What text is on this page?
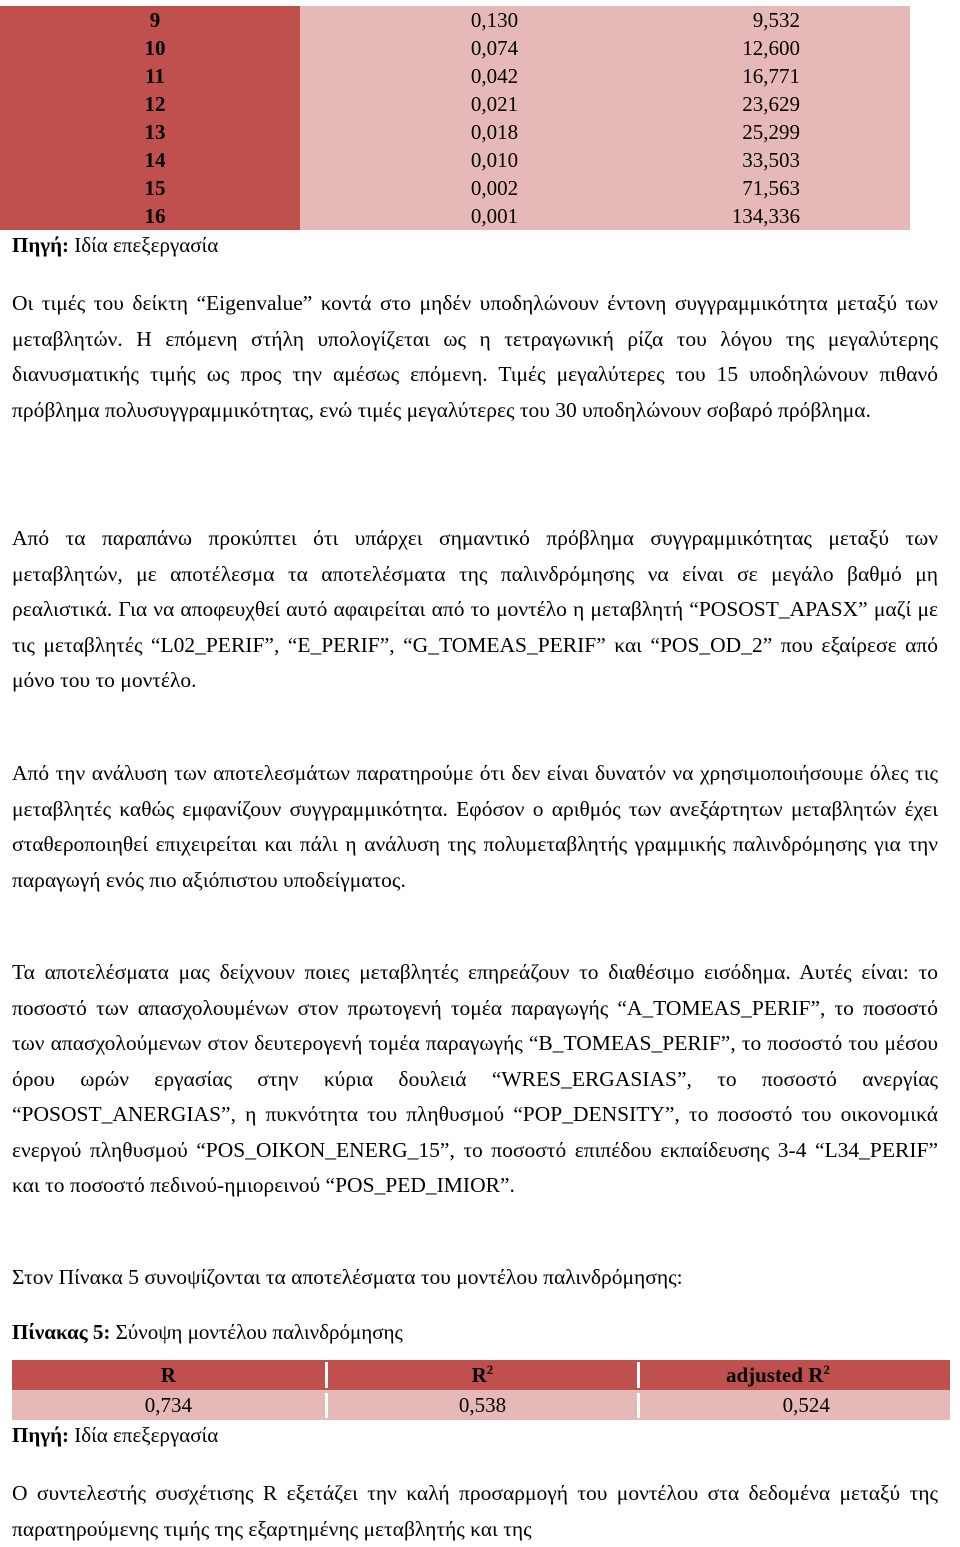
9	0,130	9,532
10	0,074	12,600
11	0,042	16,771
12	0,021	23,629
13	0,018	25,299
14	0,010	33,503
15	0,002	71,563
16	0,001	134,336
Πηγή: Ιδία επεξεργασία

Οι τιμές του δείκτη “Eigenvalue” κοντά στο μηδέν υποδηλώνουν έντονη συγγραμμικότητα μεταξύ των μεταβλητών. Η επόμενη στήλη υπολογίζεται ως η τετραγωνική ρίζα του λόγου της μεγαλύτερης διανυσματικής τιμής ως προς την αμέσως επόμενη. Τιμές μεγαλύτερες του 15 υποδηλώνουν πιθανό πρόβλημα πολυσυγγραμμικότητας, ενώ τιμές μεγαλύτερες του 30 υποδηλώνουν σοβαρό πρόβλημα.

Από τα παραπάνω προκύπτει ότι υπάρχει σημαντικό πρόβλημα συγγραμμικότητας μεταξύ των μεταβλητών, με αποτέλεσμα τα αποτελέσματα της παλινδρόμησης να είναι σε μεγάλο βαθμό μη ρεαλιστικά. Για να αποφευχθεί αυτό αφαιρείται από το μοντέλο η μεταβλητή “POSOST_APASX” μαζί με τις μεταβλητές “L02_PERIF”, “E_PERIF”, “G_TOMEAS_PERIF” και “POS_OD_2” που εξαίρεσε από μόνο του το μοντέλο.

Από την ανάλυση των αποτελεσμάτων παρατηρούμε ότι δεν είναι δυνατόν να χρησιμοποιήσουμε όλες τις μεταβλητές καθώς εμφανίζουν συγγραμμικότητα. Εφόσον ο αριθμός των ανεξάρτητων μεταβλητών έχει σταθεροποιηθεί επιχειρείται και πάλι η ανάλυση της πολυμεταβλητής γραμμικής παλινδρόμησης για την παραγωγή ενός πιο αξιόπιστου υποδείγματος.

Τα αποτελέσματα μας δείχνουν ποιες μεταβλητές επηρεάζουν το διαθέσιμο εισόδημα. Αυτές είναι: το ποσοστό των απασχολουμένων στον πρωτογενή τομέα παραγωγής “A_TOMEAS_PERIF”, το ποσοστό των απασχολούμενων στον δευτερογενή τομέα παραγωγής “B_TOMEAS_PERIF”, το ποσοστό του μέσου όρου ωρών εργασίας στην κύρια δουλειά “WRES_ERGASIAS”, το ποσοστό ανεργίας “POSOST_ANERGIAS”, η πυκνότητα του πληθυσμού “POP_DENSITY”, το ποσοστό του οικονομικά ενεργού πληθυσμού “POS_OIKON_ENERG_15”, το ποσοστό επιπέδου εκπαίδευσης 3-4 “L34_PERIF” και το ποσοστό πεδινού-ημιορεινού “POS_PED_IMIOR”.

Στον Πίνακα 5 συνοψίζονται τα αποτελέσματα του μοντέλου παλινδρόμησης:

Πίνακας 5: Σύνοψη μοντέλου παλινδρόμησης
R	$R^2$	adjusted $R^2$
0,734	0,538	0,524
Πηγή: Ιδία επεξεργασία

Ο συντελεστής συσχέτισης R εξετάζει την καλή προσαρμογή του μοντέλου στα δεδομένα μεταξύ της παρατηρούμενης τιμής της εξαρτημένης μεταβλητής και της
